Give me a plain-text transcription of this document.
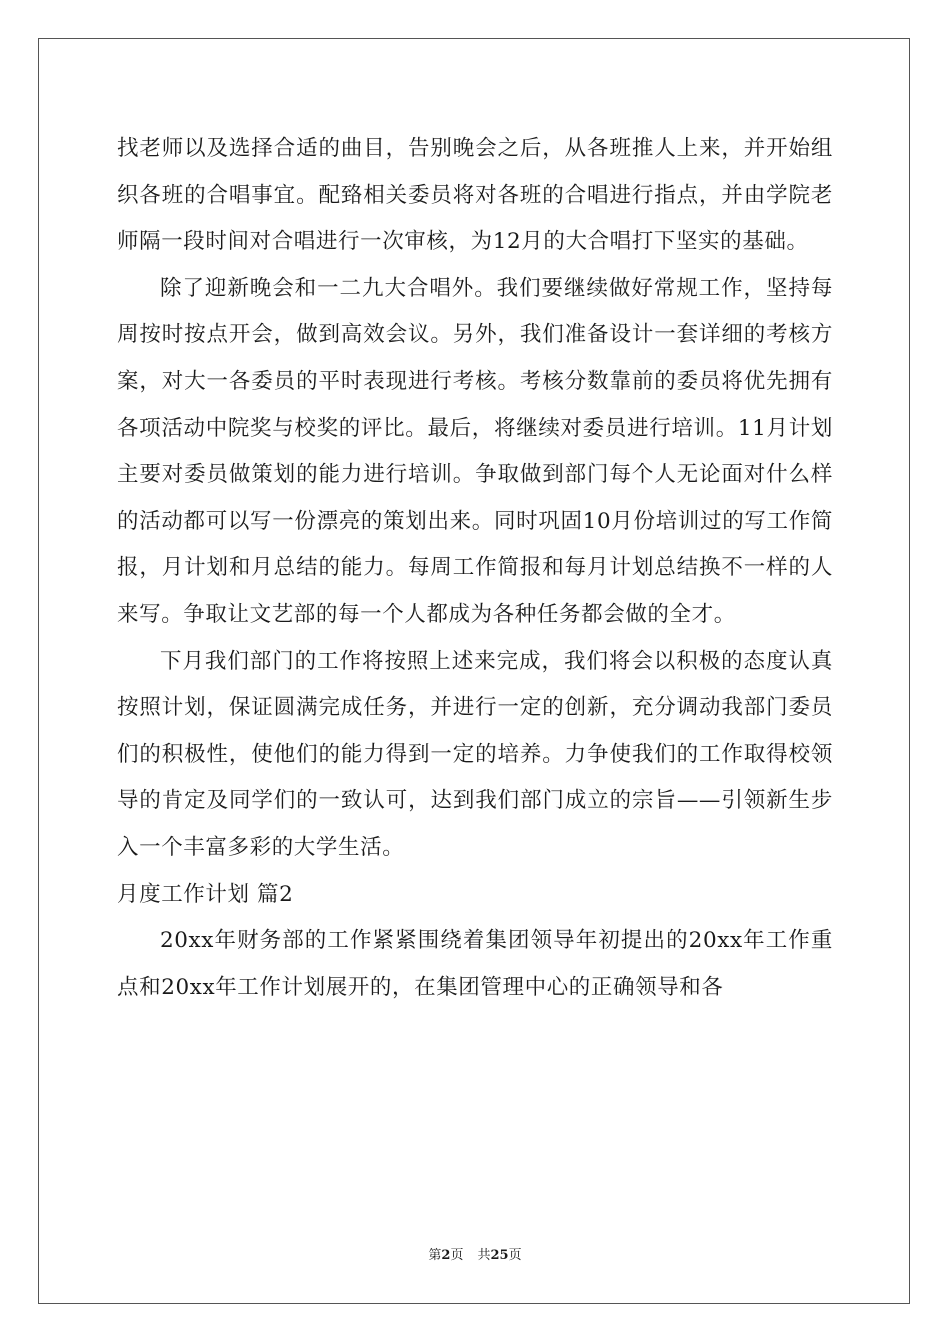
找老师以及选择合适的曲目，告别晚会之后，从各班推人上来，并开始组织各班的合唱事宜。配臵相关委员将对各班的合唱进行指点，并由学院老师隔一段时间对合唱进行一次审核，为12月的大合唱打下坚实的基础。

除了迎新晚会和一二九大合唱外。我们要继续做好常规工作，坚持每周按时按点开会，做到高效会议。另外，我们准备设计一套详细的考核方案，对大一各委员的平时表现进行考核。考核分数靠前的委员将优先拥有各项活动中院奖与校奖的评比。最后，将继续对委员进行培训。11月计划主要对委员做策划的能力进行培训。争取做到部门每个人无论面对什么样的活动都可以写一份漂亮的策划出来。同时巩固10月份培训过的写工作简报，月计划和月总结的能力。每周工作简报和每月计划总结换不一样的人来写。争取让文艺部的每一个人都成为各种任务都会做的全才。

下月我们部门的工作将按照上述来完成，我们将会以积极的态度认真按照计划，保证圆满完成任务，并进行一定的创新，充分调动我部门委员们的积极性，使他们的能力得到一定的培养。力争使我们的工作取得校领导的肯定及同学们的一致认可，达到我们部门成立的宗旨——引领新生步入一个丰富多彩的大学生活。

月度工作计划 篇2

20xx年财务部的工作紧紧围绕着集团领导年初提出的20xx年工作重点和20xx年工作计划展开的，在集团管理中心的正确领导和各

第2页 共25页
